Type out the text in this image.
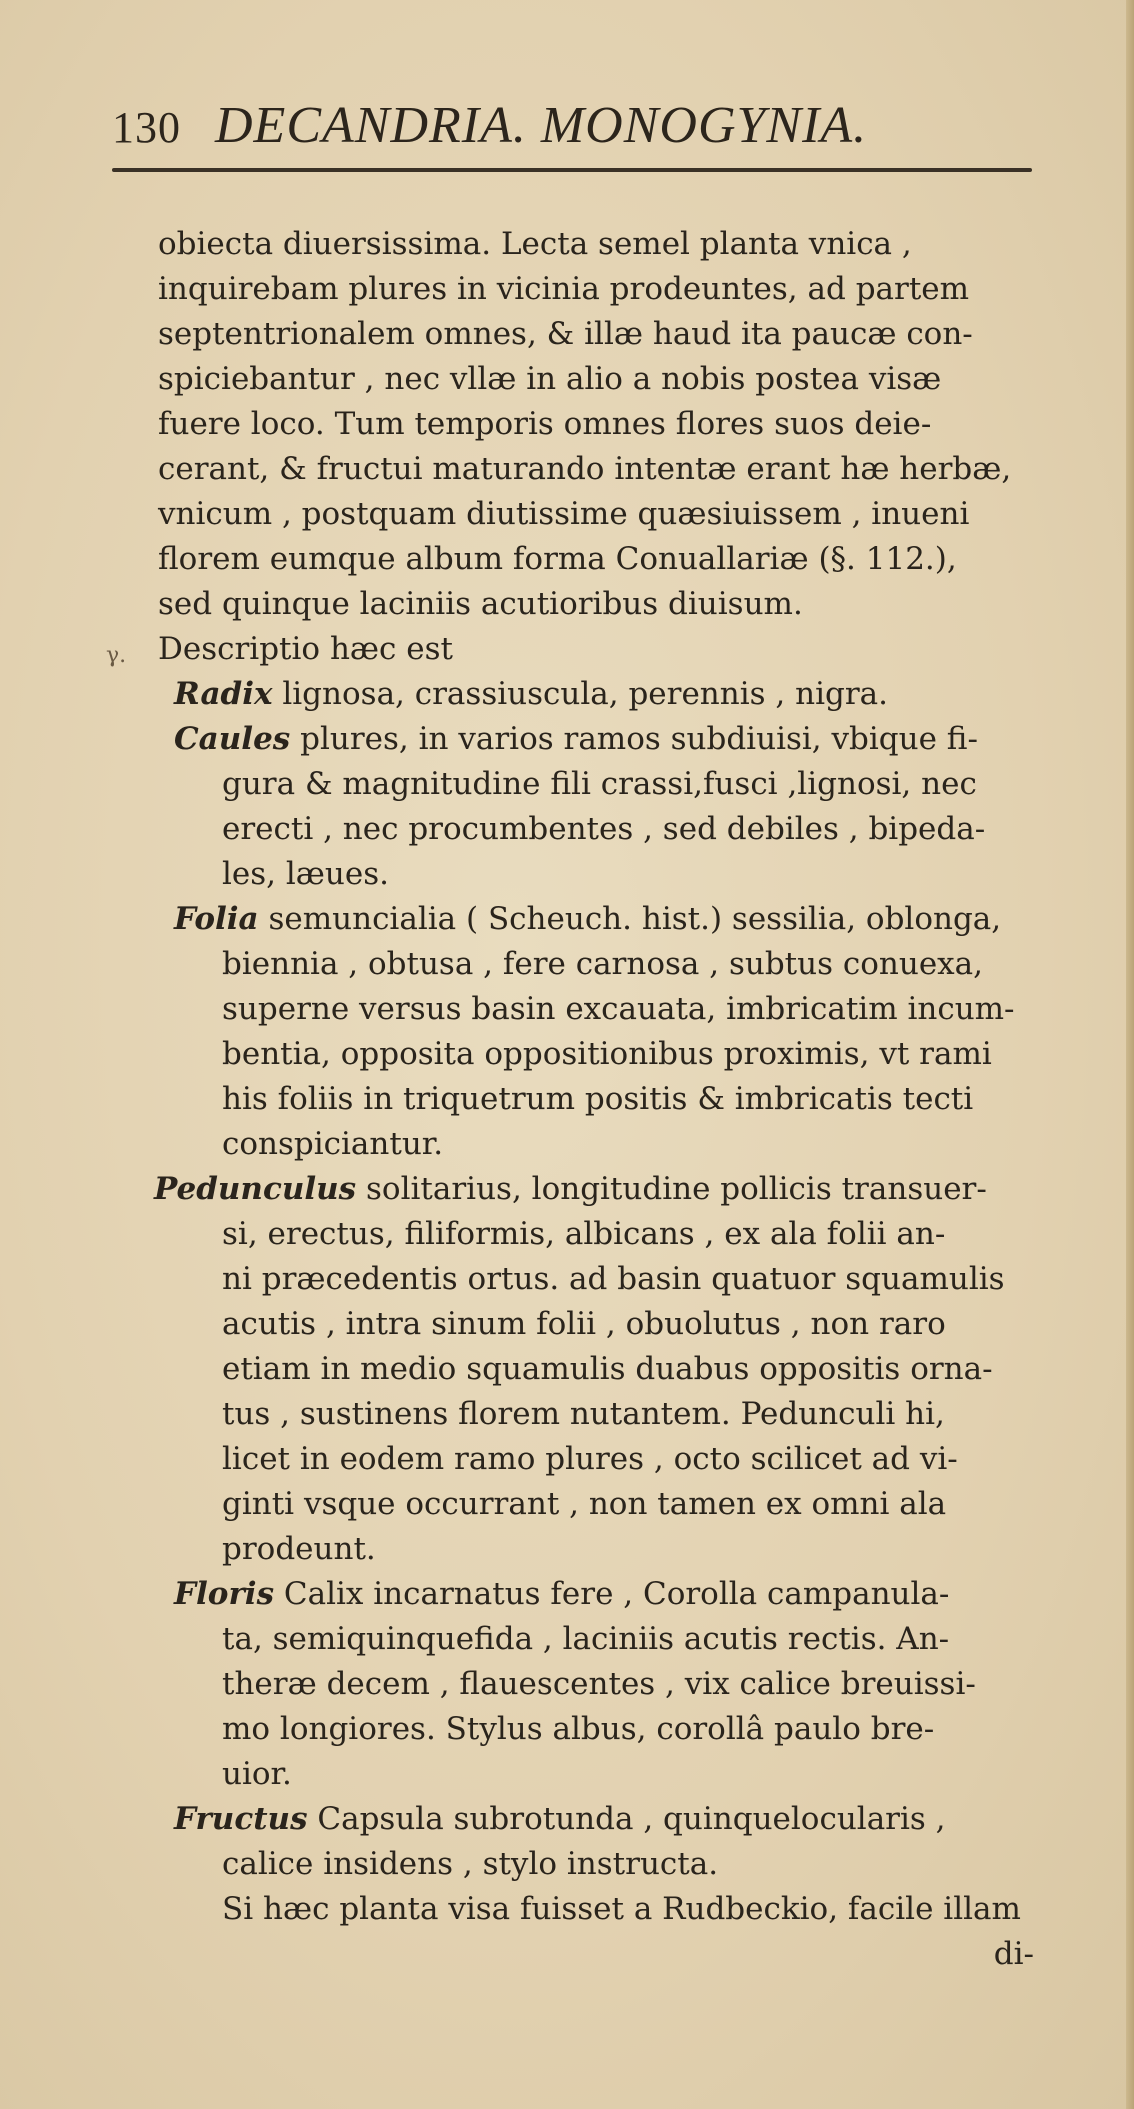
130 DECANDRIA. MONOGYNIA.
obiecta diuersissima. Lecta semel planta vnica ,
inquirebam plures in vicinia prodeuntes, ad partem
septentrionalem omnes, & illæ haud ita paucæ con-
spiciebantur , nec vllæ in alio a nobis postea visæ
fuere loco. Tum temporis omnes flores suos deie-
cerant, & fructui maturando intentæ erant hæ herbæ,
vnicum , postquam diutissime quæsiuissem , inueni
florem eumque album forma Conuallariæ (§. 112.),
sed quinque laciniis acutioribus diuisum.
γ. Descriptio hæc est
Radix lignosa, crassiuscula, perennis , nigra.
Caules plures, in varios ramos subdiuisi, vbique fi-
gura & magnitudine fili crassi,fusci ,lignosi, nec
erecti , nec procumbentes , sed debiles , bipeda-
les, læues.
Folia semuncialia ( Scheuch. hist.) sessilia, oblonga,
biennia , obtusa , fere carnosa , subtus conuexa,
superne versus basin excauata, imbricatim incum-
bentia, opposita oppositionibus proximis, vt rami
his foliis in triquetrum positis & imbricatis tecti
conspiciantur.
Pedunculus solitarius, longitudine pollicis transuer-
si, erectus, filiformis, albicans , ex ala folii an-
ni præcedentis ortus. ad basin quatuor squamulis
acutis , intra sinum folii , obuolutus , non raro
etiam in medio squamulis duabus oppositis orna-
tus , sustinens florem nutantem. Pedunculi hi,
licet in eodem ramo plures , octo scilicet ad vi-
ginti vsque occurrant , non tamen ex omni ala
prodeunt.
Floris Calix incarnatus fere , Corolla campanula-
ta, semiquinquefida , laciniis acutis rectis. An-
theræ decem , flauescentes , vix calice breuissi-
mo longiores. Stylus albus, corollâ paulo bre-
uior.
Fructus Capsula subrotunda , quinquelocularis ,
calice insidens , stylo instructa.
Si hæc planta visa fuisset a Rudbeckio, facile illam
di-
